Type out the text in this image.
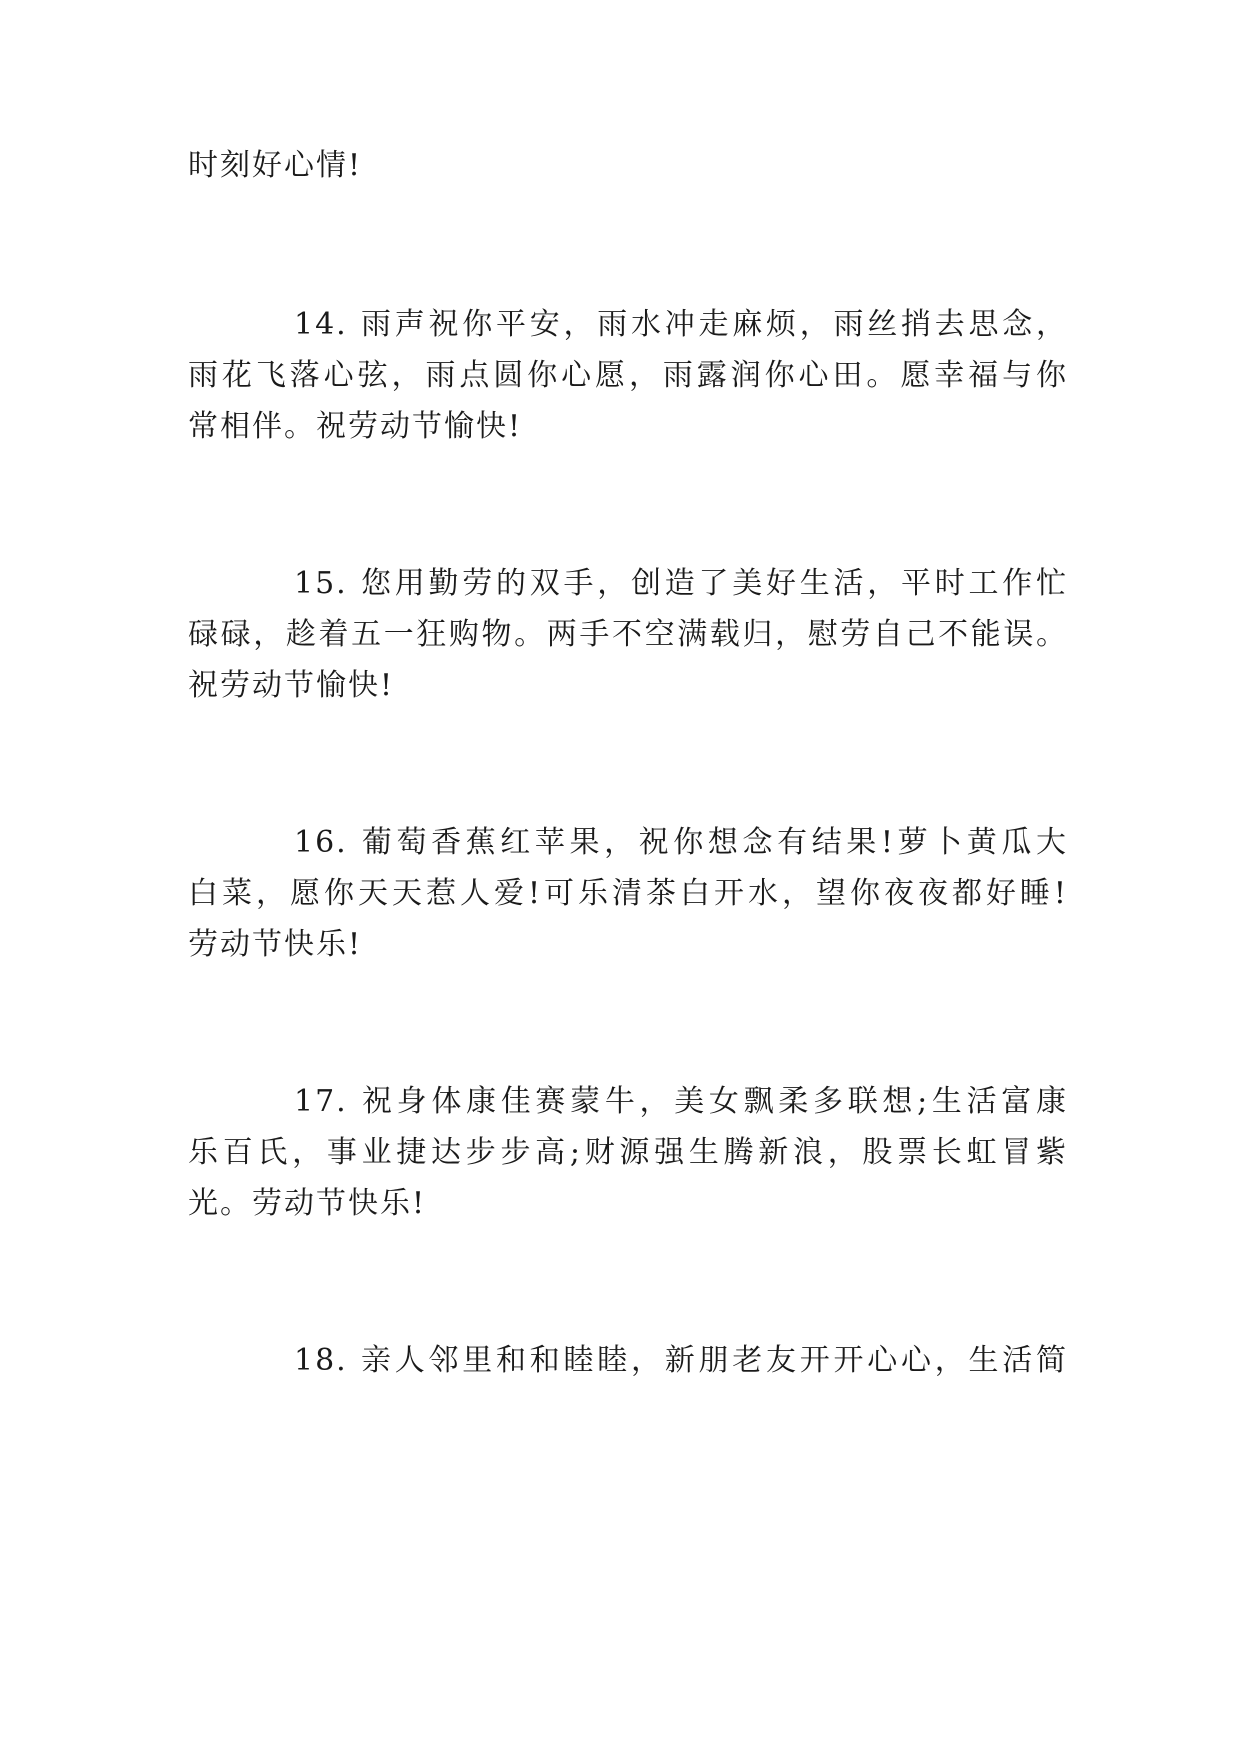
时刻好心情!
14. 雨声祝你平安，雨水冲走麻烦，雨丝捎去思念，
雨花飞落心弦，雨点圆你心愿，雨露润你心田。愿幸福与你
常相伴。祝劳动节愉快!
15. 您用勤劳的双手，创造了美好生活，平时工作忙
碌碌，趁着五一狂购物。两手不空满载归，慰劳自己不能误。
祝劳动节愉快!
16. 葡萄香蕉红苹果，祝你想念有结果!萝卜黄瓜大
白菜，愿你天天惹人爱!可乐清茶白开水，望你夜夜都好睡!
劳动节快乐!
17. 祝身体康佳赛蒙牛，美女飘柔多联想;生活富康
乐百氏，事业捷达步步高;财源强生腾新浪，股票长虹冒紫
光。劳动节快乐!
18. 亲人邻里和和睦睦，新朋老友开开心心，生活简
